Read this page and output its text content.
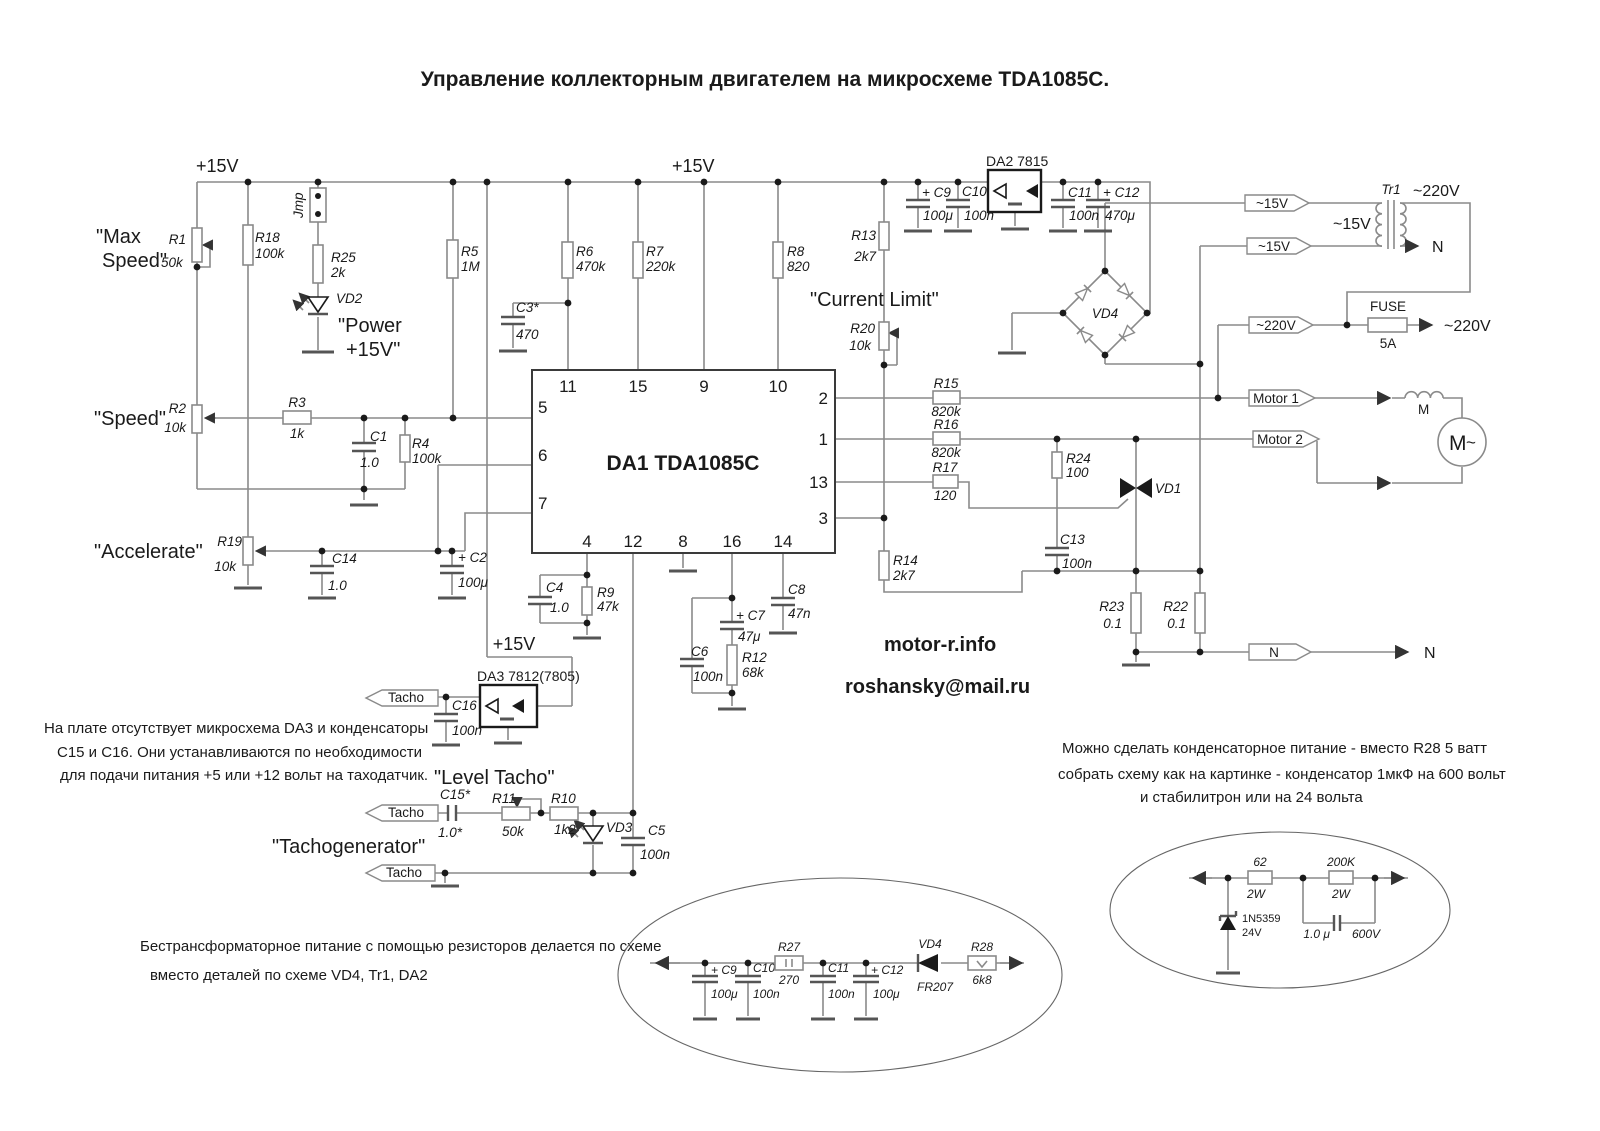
Управление коллекторным двигателем на микросхеме TDA1085C.
R1
50k
R18
100k
Jmp
R25
2k
VD2
R2
10k
R3
1k	C1
1.0
R4
100k
R19
10k
C14
1.0
+ C2
100μ
R5
1M
R6
470k
C3*
470
R7
220k
R8
820
R13
2k7
R20
10k
R14
2k7
R15
820k
R16
820k
R17
120
R24
100
VD1
C13
100n
R23
0.1
R22
0.1
DA2 7815
+ C9
100μ
C10
100n
C11
100n
+ C12
470μ
VD4
Tr1
~15V
~220V
FUSE
5A
M ~
M
DA1 TDA1085C
11	15	9	10
5
6
7
2
1
13
3
4 12 8 16 14
C4
1.0
R9
47k
C6
100n
+ C7
47μ
R12
68k
C8
47n
DA3 7812(7805)
+15V
C16
100n
C15*
1.0*
R11
50k
R10
1k2 VD3 C5
100n
Tacho
Tacho
Tacho
~15V
~15V
~220V
Motor 1
Motor 2
N
~220V
N
N
+15V	+15V
"Max
Speed"
"Speed"
"Accelerate"
"Power
+15V"
"Current Limit"
"Level Tacho"
"Tachogenerator"
motor-r.info
roshansky@mail.ru
На плате отсутствует микросхема DA3 и конденсаторы
С15 и С16. Они устанавливаются по необходимости
для подачи питания +5 или +12 вольт на таходатчик.
Бестрансформаторное питание с помощью резисторов делается по схеме
вместо деталей по схеме VD4, Tr1, DA2
Можно сделать конденсаторное питание - вместо R28 5 ватт
собрать схему как на картинке - конденсатор 1мкФ на 600 вольт
и стабилитрон или на 24 вольта
+ C9
100μ
C10
100n
R27
270
C11
100n
+ C12
100μ
VD4
FR207
R28
6k8
62
2W
200K
2W
1N5359
24V	1.0 μ 600V
